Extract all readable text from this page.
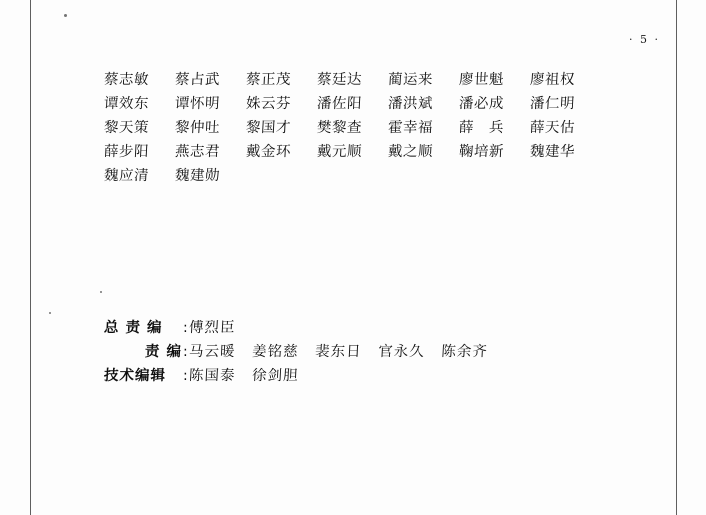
· 5 ·
蔡志敏	蔡占武	蔡正茂	蔡廷达	蔺运来	廖世魁	廖祖权
谭效东	谭怀明	姝云芬	潘佐阳	潘洪斌	潘必成	潘仁明
黎天策	黎仲吐	黎国才	樊黎查	霍幸福	薛　兵	薛天估
薛步阳	燕志君	戴金环	戴元顺	戴之顺	鞠培新	魏建华
魏应清	魏建勋
总 责 编	: 傅烈臣
责 编 : 马云暖 姜铭慈 裴东日 官永久 陈余齐
技术编辑	: 陈国泰 徐剑胆
